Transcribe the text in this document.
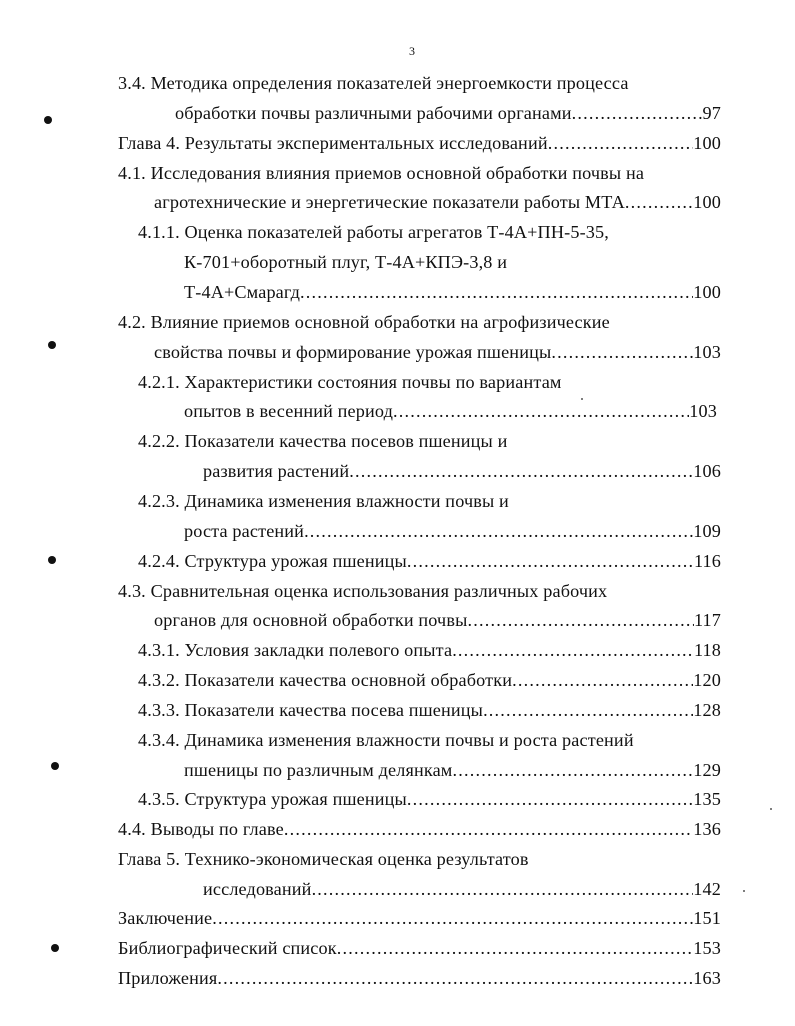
3
3.4. Методика определения показателей энергоемкости процесса
обработки почвы различными рабочими органами .....	97
Глава 4. Результаты экспериментальных исследований .....	100
4.1. Исследования влияния приемов основной обработки почвы на
агротехнические и энергетические показатели работы МТА .....	100
4.1.1. Оценка показателей работы агрегатов Т-4А+ПН-5-35,
К-701+оборотный плуг, Т-4А+КПЭ-3,8 и
Т-4А+Смарагд .....	100
4.2. Влияние приемов основной обработки на агрофизические
свойства почвы и формирование урожая пшеницы .....	103
4.2.1. Характеристики состояния почвы по вариантам
опытов в весенний период .....	103
4.2.2. Показатели качества посевов пшеницы и
развития растений .....	106
4.2.3. Динамика изменения влажности почвы и
роста растений .....	109
4.2.4. Структура урожая пшеницы .....	116
4.3. Сравнительная оценка использования различных рабочих
органов для основной обработки почвы .....	117
4.3.1. Условия закладки полевого опыта .....	118
4.3.2. Показатели качества основной обработки .....	120
4.3.3. Показатели качества посева пшеницы .....	128
4.3.4. Динамика изменения влажности почвы и роста растений
пшеницы по различным делянкам .....	129
4.3.5. Структура урожая пшеницы .....	135
4.4. Выводы по главе .....	136
Глава 5. Технико-экономическая оценка результатов
исследований .....	142
Заключение .....	151
Библиографический список .....	153
Приложения .....	163
